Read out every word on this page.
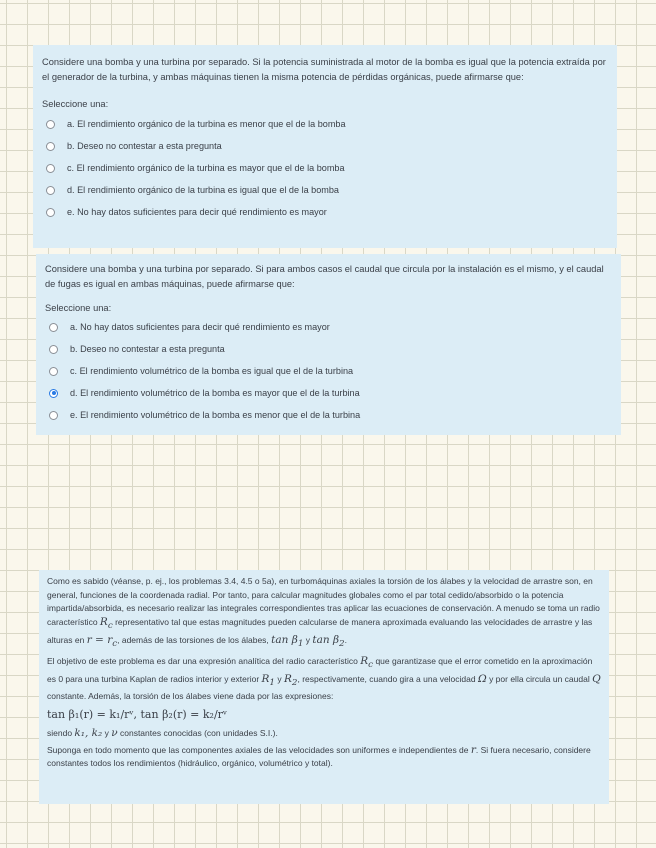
Considere una bomba y una turbina por separado. Si la potencia suministrada al motor de la bomba es igual que la potencia extraída por el generador de la turbina, y ambas máquinas tienen la misma potencia de pérdidas orgánicas, puede afirmarse que:

Seleccione una:
a. El rendimiento orgánico de la turbina es menor que el de la bomba
b. Deseo no contestar a esta pregunta
c. El rendimiento orgánico de la turbina es mayor que el de la bomba
d. El rendimiento orgánico de la turbina es igual que el de la bomba
e. No hay datos suficientes para decir qué rendimiento es mayor

Considere una bomba y una turbina por separado. Si para ambos casos el caudal que circula por la instalación es el mismo, y el caudal de fugas es igual en ambas máquinas, puede afirmarse que:

Seleccione una:
a. No hay datos suficientes para decir qué rendimiento es mayor
b. Deseo no contestar a esta pregunta
c. El rendimiento volumétrico de la bomba es igual que el de la turbina
d. El rendimiento volumétrico de la bomba es mayor que el de la turbina
e. El rendimiento volumétrico de la bomba es menor que el de la turbina

Como es sabido (véanse, p. ej., los problemas 3.4, 4.5 o 5a), en turbomáquinas axiales la torsión de los álabes y la velocidad de arrastre son, en general, funciones de la coordenada radial. Por tanto, para calcular magnitudes globales como el par total cedido/absorbido o la potencia impartida/absorbida, es necesario realizar las integrales correspondientes tras aplicar las ecuaciones de conservación. A menudo se toma un radio característico $R_c$ representativo tal que estas magnitudes pueden calcularse de manera aproximada evaluando las velocidades de arrastre y las alturas en $r = r_c$, además de las torsiones de los álabes, $\tan \beta_1$ y $\tan \beta_2$.

El objetivo de este problema es dar una expresión analítica del radio característico $R_c$ que garantizase que el error cometido en la aproximación es 0 para una turbina Kaplan de radios interior y exterior $R_1$ y $R_2$, respectivamente, cuando gira a una velocidad Ω y por ella circula un caudal Q constante. Además, la torsión de los álabes viene dada por las expresiones:

tan β₁(r) = k₁/rᵛ, tan β₂(r) = k₂/rᵛ

siendo k₁, k₂ y ν constantes conocidas (con unidades S.I.).

Suponga en todo momento que las componentes axiales de las velocidades son uniformes e independientes de r. Si fuera necesario, considere constantes todos los rendimientos (hidráulico, orgánico, volumétrico y total).
